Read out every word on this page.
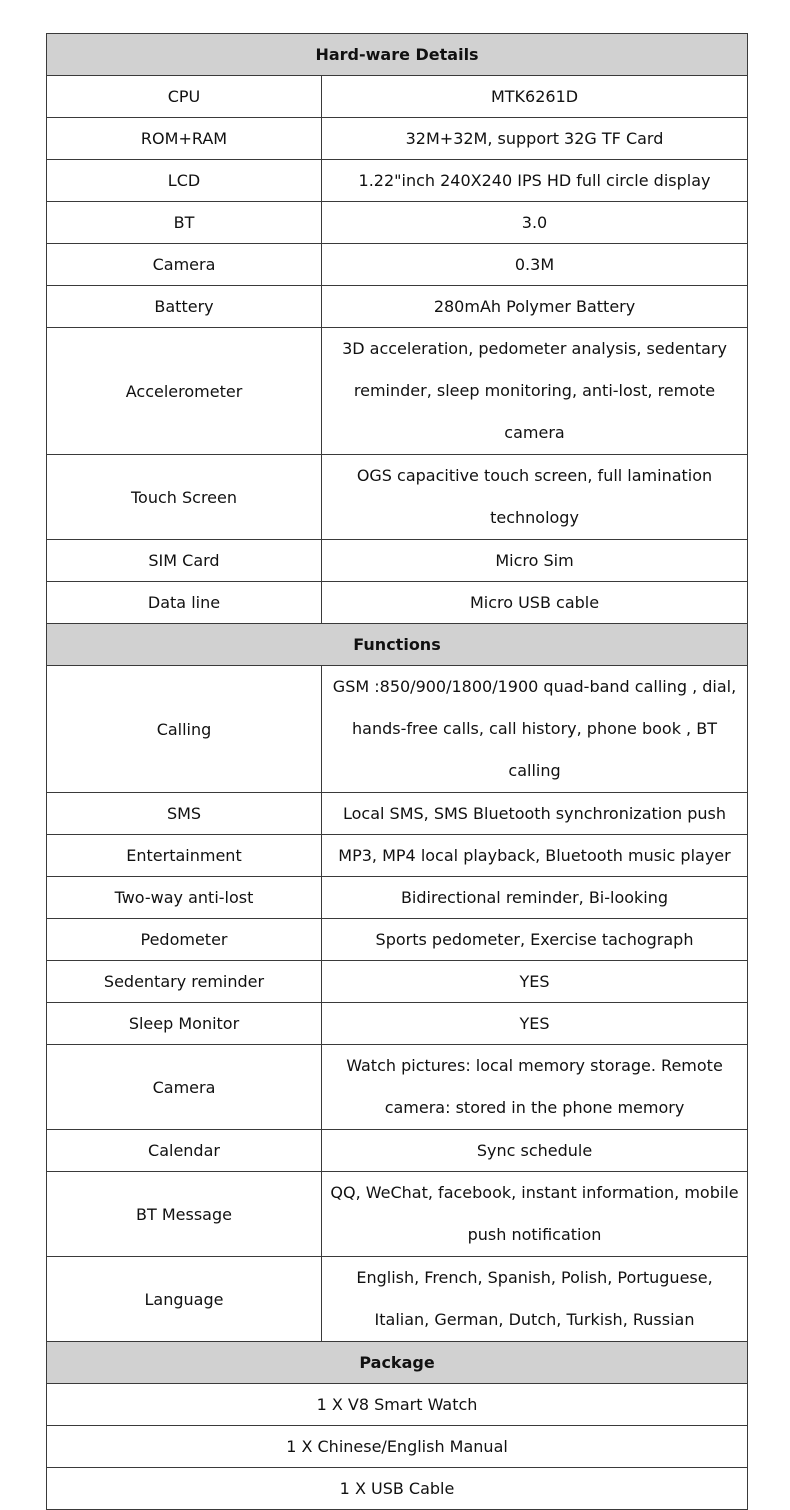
Hard-ware Details	
CPU	MTK6261D
ROM+RAM	32M+32M, support 32G TF Card
LCD	1.22"inch 240X240 IPS HD full circle display
BT	3.0
Camera	0.3M
Battery	280mAh Polymer Battery
Accelerometer	3D acceleration, pedometer analysis, sedentary reminder, sleep monitoring, anti-lost, remote camera

Touch Screen	OGS capacitive touch screen, full lamination technology

SIM Card	Micro Sim
Data line	Micro USB cable
Functions	
Calling	GSM :850/900/1800/1900 quad-band calling , dial, hands-free calls, call history, phone book , BT calling

SMS	Local SMS, SMS Bluetooth synchronization push
Entertainment	MP3, MP4 local playback, Bluetooth music player
Two-way anti-lost	Bidirectional reminder, Bi-looking
Pedometer	Sports pedometer, Exercise tachograph
Sedentary reminder	YES
Sleep Monitor	YES
Camera	Watch pictures: local memory storage. Remote camera: stored in the phone memory

Calendar	Sync schedule
BT Message	QQ, WeChat, facebook, instant information, mobile push notification

Language	English, French, Spanish, Polish, Portuguese, Italian, German, Dutch, Turkish, Russian

Package	
1 X V8 Smart Watch	
1 X Chinese/English Manual	
1 X USB Cable	
